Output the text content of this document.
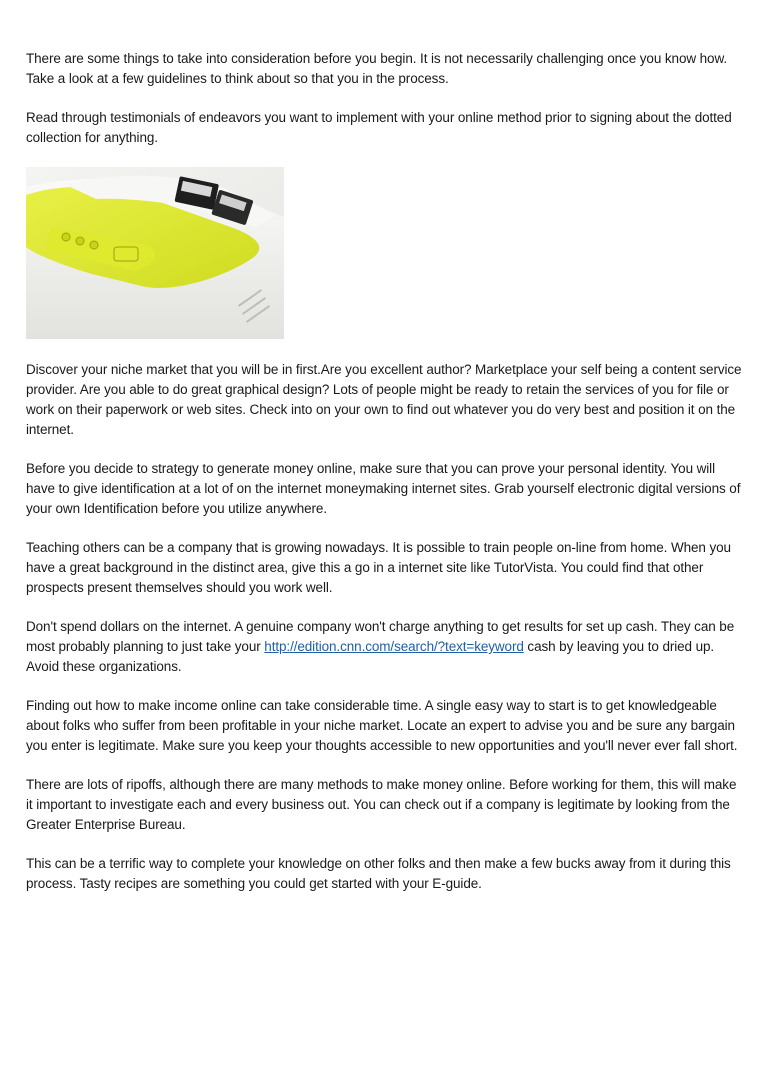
There are some things to take into consideration before you begin. It is not necessarily challenging once you know how. Take a look at a few guidelines to think about so that you in the process.

Read through testimonials of endeavors you want to implement with your online method prior to signing about the dotted collection for anything.

Discover your niche market that you will be in first.Are you excellent author? Marketplace your self being a content service provider. Are you able to do great graphical design? Lots of people might be ready to retain the services of you for file or work on their paperwork or web sites. Check into on your own to find out whatever you do very best and position it on the internet.

Before you decide to strategy to generate money online, make sure that you can prove your personal identity. You will have to give identification at a lot of on the internet moneymaking internet sites. Grab yourself electronic digital versions of your own Identification before you utilize anywhere.

Teaching others can be a company that is growing nowadays. It is possible to train people on-line from home. When you have a great background in the distinct area, give this a go in a internet site like TutorVista. You could find that other prospects present themselves should you work well.

Don't spend dollars on the internet. A genuine company won't charge anything to get results for set up cash. They can be most probably planning to just take your http://edition.cnn.com/search/?text=keyword cash by leaving you to dried up. Avoid these organizations.

Finding out how to make income online can take considerable time. A single easy way to start is to get knowledgeable about folks who suffer from been profitable in your niche market. Locate an expert to advise you and be sure any bargain you enter is legitimate. Make sure you keep your thoughts accessible to new opportunities and you'll never ever fall short.

There are lots of ripoffs, although there are many methods to make money online. Before working for them, this will make it important to investigate each and every business out. You can check out if a company is legitimate by looking from the Greater Enterprise Bureau.

This can be a terrific way to complete your knowledge on other folks and then make a few bucks away from it during this process. Tasty recipes are something you could get started with your E-guide.
